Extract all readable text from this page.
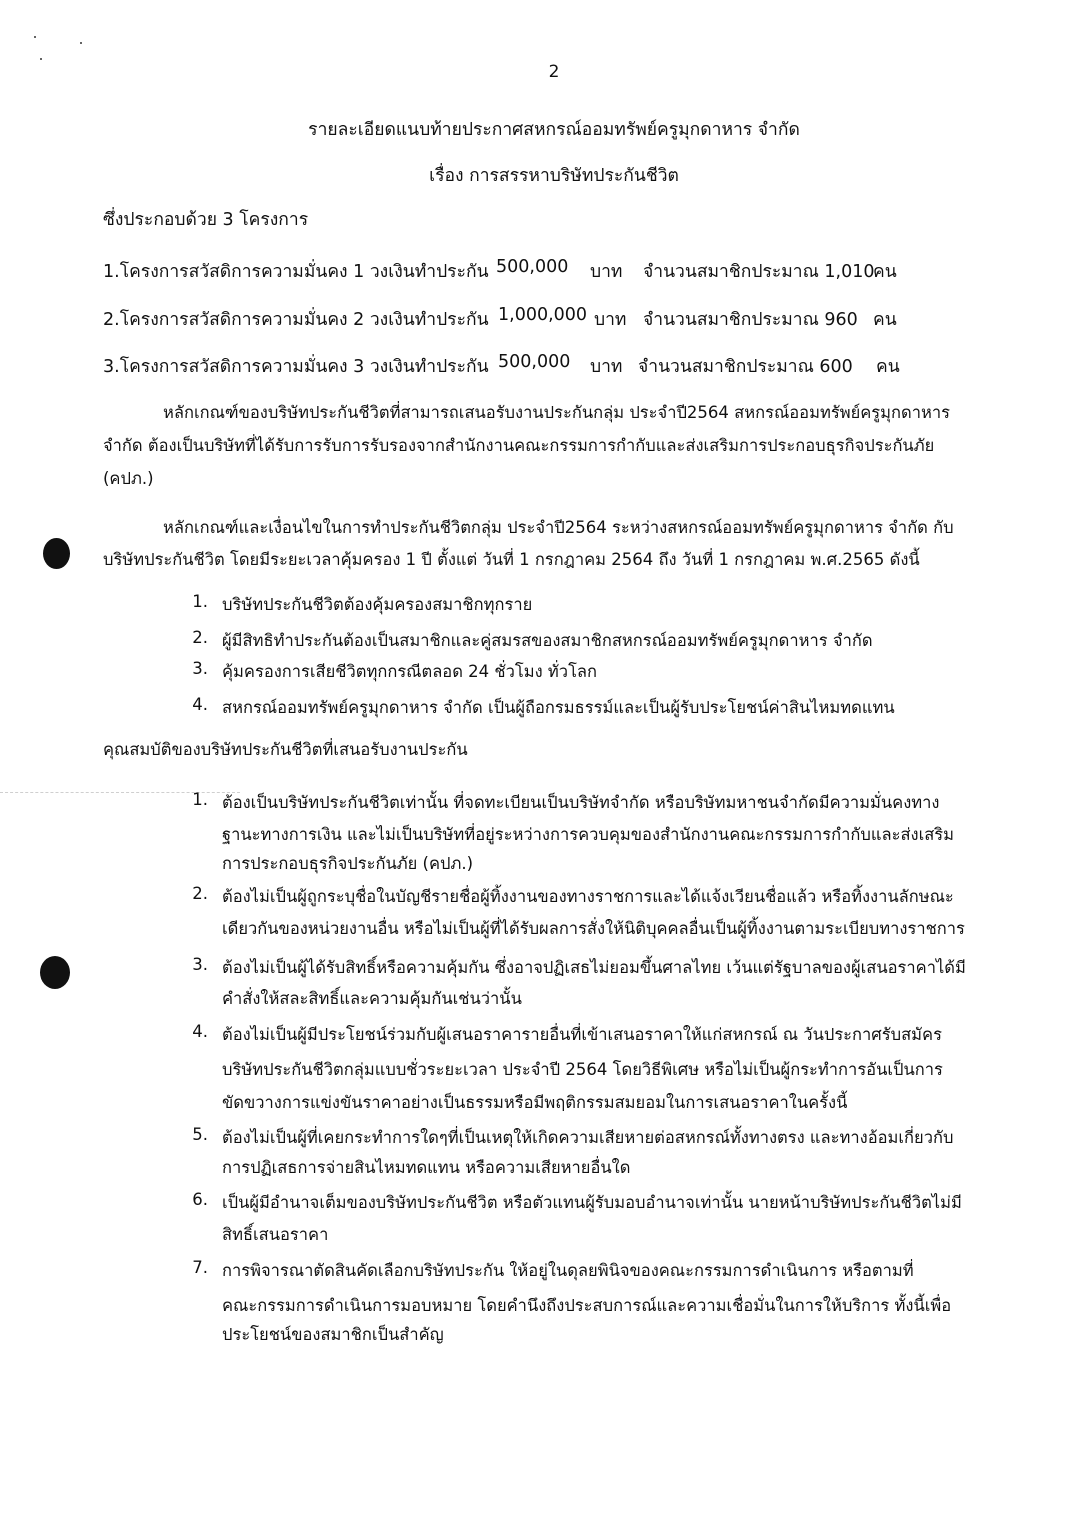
2
รายละเอียดแนบท้ายประกาศสหกรณ์ออมทรัพย์ครูมุกดาหาร จำกัด
เรื่อง การสรรหาบริษัทประกันชีวิต
ซึ่งประกอบด้วย 3 โครงการ
1.โครงการสวัสดิการความมั่นคง 1 วงเงินทำประกัน 500,000 บาท จำนวนสมาชิกประมาณ 1,010
คน
2.โครงการสวัสดิการความมั่นคง 2 วงเงินทำประกัน 1,000,000 บาท จำนวนสมาชิกประมาณ 960 คน
3.โครงการสวัสดิการความมั่นคง 3 วงเงินทำประกัน 500,000 บาท จำนวนสมาชิกประมาณ 600 คน
หลักเกณฑ์ของบริษัทประกันชีวิตที่สามารถเสนอรับงานประกันกลุ่ม ประจำปี2564 สหกรณ์ออมทรัพย์ครูมุกดาหาร
จำกัด ต้องเป็นบริษัทที่ได้รับการรับการรับรองจากสำนักงานคณะกรรมการกำกับและส่งเสริมการประกอบธุรกิจประกันภัย
(คปภ.)
หลักเกณฑ์และเงื่อนไขในการทำประกันชีวิตกลุ่ม ประจำปี2564 ระหว่างสหกรณ์ออมทรัพย์ครูมุกดาหาร จำกัด กับ
บริษัทประกันชีวิต โดยมีระยะเวลาคุ้มครอง 1 ปี ตั้งแต่ วันที่ 1 กรกฎาคม 2564 ถึง วันที่ 1 กรกฎาคม พ.ศ.2565 ดังนี้
1. บริษัทประกันชีวิตต้องคุ้มครองสมาชิกทุกราย
2. ผู้มีสิทธิทำประกันต้องเป็นสมาชิกและคู่สมรสของสมาชิกสหกรณ์ออมทรัพย์ครูมุกดาหาร จำกัด
3. คุ้มครองการเสียชีวิตทุกกรณีตลอด 24 ชั่วโมง ทั่วโลก
4. สหกรณ์ออมทรัพย์ครูมุกดาหาร จำกัด เป็นผู้ถือกรมธรรม์และเป็นผู้รับประโยชน์ค่าสินไหมทดแทน
คุณสมบัติของบริษัทประกันชีวิตที่เสนอรับงานประกัน
1. ต้องเป็นบริษัทประกันชีวิตเท่านั้น ที่จดทะเบียนเป็นบริษัทจำกัด หรือบริษัทมหาชนจำกัดมีความมั่นคงทาง
ฐานะทางการเงิน และไม่เป็นบริษัทที่อยู่ระหว่างการควบคุมของสำนักงานคณะกรรมการกำกับและส่งเสริม
การประกอบธุรกิจประกันภัย (คปภ.)
2. ต้องไม่เป็นผู้ถูกระบุชื่อในบัญชีรายชื่อผู้ทิ้งงานของทางราชการและได้แจ้งเวียนชื่อแล้ว หรือทิ้งงานลักษณะ
เดียวกันของหน่วยงานอื่น หรือไม่เป็นผู้ที่ได้รับผลการสั่งให้นิติบุคคลอื่นเป็นผู้ทิ้งงานตามระเบียบทางราชการ
3. ต้องไม่เป็นผู้ได้รับสิทธิ์หรือความคุ้มกัน ซึ่งอาจปฏิเสธไม่ยอมขึ้นศาลไทย เว้นแต่รัฐบาลของผู้เสนอราคาได้มี
คำสั่งให้สละสิทธิ์และความคุ้มกันเช่นว่านั้น
4. ต้องไม่เป็นผู้มีประโยชน์ร่วมกับผู้เสนอราคารายอื่นที่เข้าเสนอราคาให้แก่สหกรณ์ ณ วันประกาศรับสมัคร
บริษัทประกันชีวิตกลุ่มแบบชั่วระยะเวลา ประจำปี 2564 โดยวิธีพิเศษ หรือไม่เป็นผู้กระทำการอันเป็นการ
ขัดขวางการแข่งขันราคาอย่างเป็นธรรมหรือมีพฤติกรรมสมยอมในการเสนอราคาในครั้งนี้
5. ต้องไม่เป็นผู้ที่เคยกระทำการใดๆที่เป็นเหตุให้เกิดความเสียหายต่อสหกรณ์ทั้งทางตรง และทางอ้อมเกี่ยวกับ
การปฏิเสธการจ่ายสินไหมทดแทน หรือความเสียหายอื่นใด
6. เป็นผู้มีอำนาจเต็มของบริษัทประกันชีวิต หรือตัวแทนผู้รับมอบอำนาจเท่านั้น นายหน้าบริษัทประกันชีวิตไม่มี
สิทธิ์เสนอราคา
7. การพิจารณาตัดสินคัดเลือกบริษัทประกัน ให้อยู่ในดุลยพินิจของคณะกรรมการดำเนินการ หรือตามที่
คณะกรรมการดำเนินการมอบหมาย โดยคำนึงถึงประสบการณ์และความเชื่อมั่นในการให้บริการ ทั้งนี้เพื่อ
ประโยชน์ของสมาชิกเป็นสำคัญ
